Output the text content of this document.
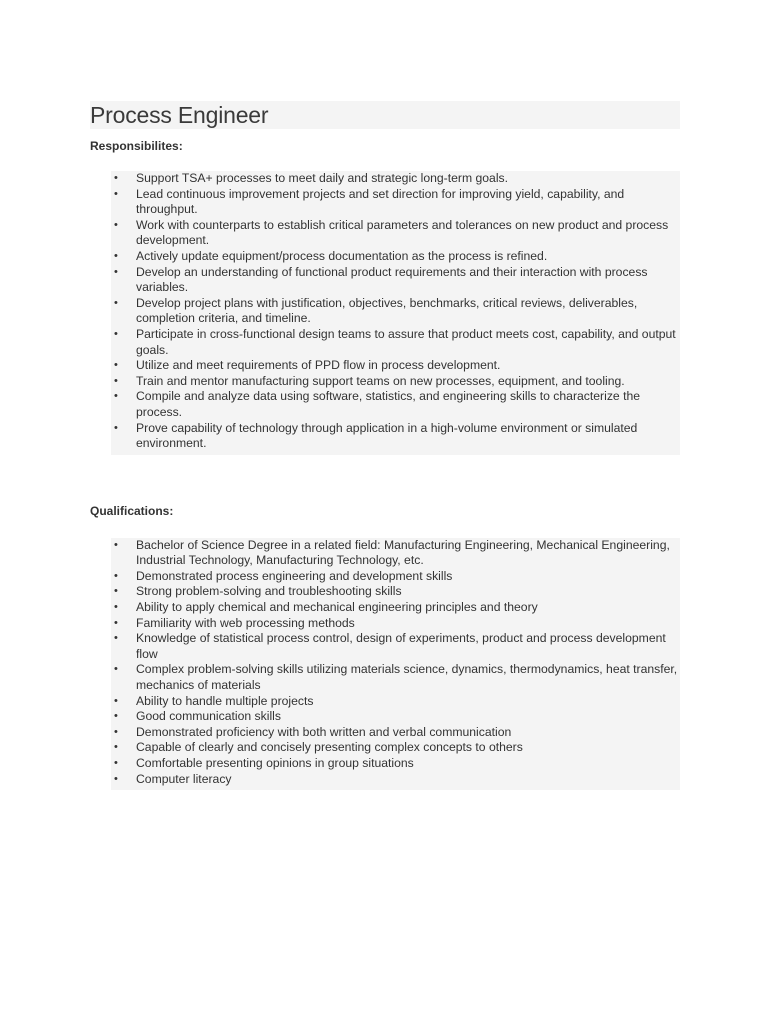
Process Engineer

Responsibilites:

• Support TSA+ processes to meet daily and strategic long-term goals.
• Lead continuous improvement projects and set direction for improving yield, capability, and throughput.
• Work with counterparts to establish critical parameters and tolerances on new product and process development.
• Actively update equipment/process documentation as the process is refined.
• Develop an understanding of functional product requirements and their interaction with process variables.
• Develop project plans with justification, objectives, benchmarks, critical reviews, deliverables, completion criteria, and timeline.
• Participate in cross-functional design teams to assure that product meets cost, capability, and output goals.
• Utilize and meet requirements of PPD flow in process development.
• Train and mentor manufacturing support teams on new processes, equipment, and tooling.
• Compile and analyze data using software, statistics, and engineering skills to characterize the process.
• Prove capability of technology through application in a high-volume environment or simulated environment.

Qualifications:

• Bachelor of Science Degree in a related field: Manufacturing Engineering, Mechanical Engineering, Industrial Technology, Manufacturing Technology, etc.
• Demonstrated process engineering and development skills
• Strong problem-solving and troubleshooting skills
• Ability to apply chemical and mechanical engineering principles and theory
• Familiarity with web processing methods
• Knowledge of statistical process control, design of experiments, product and process development flow
• Complex problem-solving skills utilizing materials science, dynamics, thermodynamics, heat transfer, mechanics of materials
• Ability to handle multiple projects
• Good communication skills
• Demonstrated proficiency with both written and verbal communication
• Capable of clearly and concisely presenting complex concepts to others
• Comfortable presenting opinions in group situations
• Computer literacy
